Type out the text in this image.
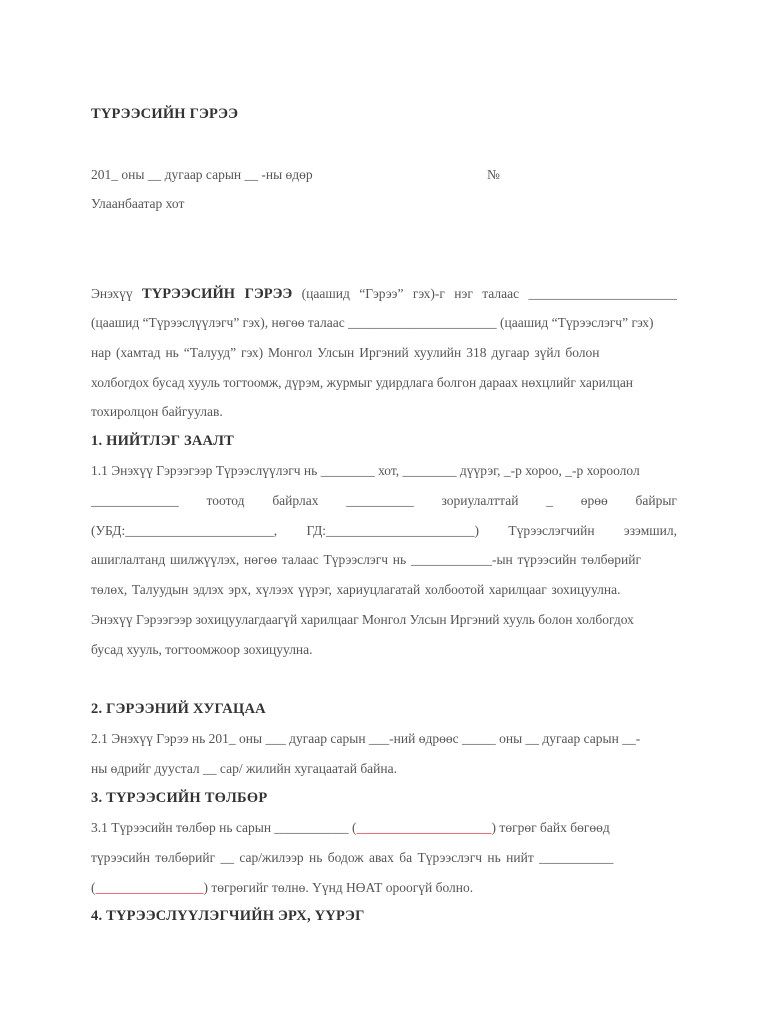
ТҮРЭЭСИЙН ГЭРЭЭ
201_ оны __ дугаар сарын __ -ны өдөр	№
Улаанбаатар хот
Энэхүү ТҮРЭЭСИЙН ГЭРЭЭ (цаашид “Гэрээ” гэх)-г нэг талаас ______________________
(цаашид “Түрээслүүлэгч” гэх), нөгөө талаас ______________________ (цаашид “Түрээслэгч” гэх)
нар (хамтад нь “Талууд” гэх) Монгол Улсын Иргэний хуулийн 318 дугаар зүйл болон
холбогдох бусад хууль тогтоомж, дүрэм, журмыг удирдлага болгон дараах нөхцлийг харилцан
тохиролцон байгуулав.
1. НИЙТЛЭГ ЗААЛТ
1.1 Энэхүү Гэрээгээр Түрээслүүлэгч нь ________ хот, ________ дүүрэг, _-р хороо, _-р хороолол
_____________ тоотод байрлах __________ зориулалттай _ өрөө байрыг
(УБД:______________________, ГД:______________________) Түрээслэгчийн эзэмшил,
ашиглалтанд шилжүүлэх, нөгөө талаас Түрээслэгч нь ____________-ын түрээсийн төлбөрийг
төлөх, Талуудын эдлэх эрх, хүлээх үүрэг, хариуцлагатай холбоотой харилцааг зохицуулна.
Энэхүү Гэрээгээр зохицуулагдаагүй харилцааг Монгол Улсын Иргэний хууль болон холбогдох
бусад хууль, тогтоомжоор зохицуулна.
2. ГЭРЭЭНИЙ ХУГАЦАА
2.1 Энэхүү Гэрээ нь 201_ оны ___ дугаар сарын ___-ний өдрөөс _____ оны __ дугаар сарын __-
ны өдрийг дуустал __ сар/ жилийн хугацаатай байна.
3. ТҮРЭЭСИЙН ТӨЛБӨР
3.1 Түрээсийн төлбөр нь сарын ___________ (____________________) төгрөг байх бөгөөд
түрээсийн төлбөрийг __ сар/жилээр нь бодож авах ба Түрээслэгч нь нийт ___________
(________________) төгрөгийг төлнө. Үүнд НӨАТ ороогүй болно.
4. ТҮРЭЭСЛҮҮЛЭГЧИЙН ЭРХ, ҮҮРЭГ
